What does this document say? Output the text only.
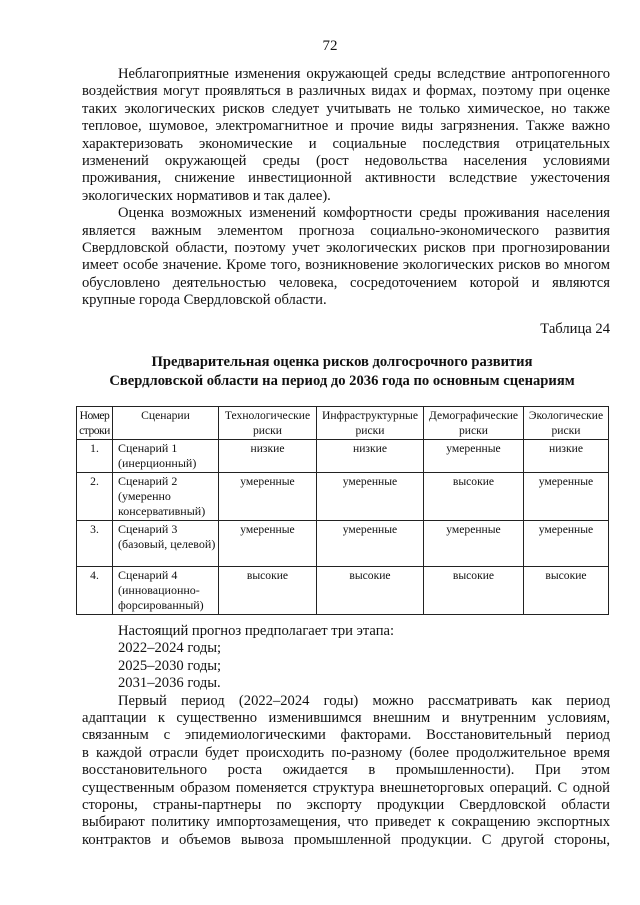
72
Неблагоприятные изменения окружающей среды вследствие антропогенного
воздействия могут проявляться в различных видах и формах, поэтому при оценке
таких экологических рисков следует учитывать не только химическое, но также
тепловое, шумовое, электромагнитное и прочие виды загрязнения. Также важно
характеризовать экономические и социальные последствия отрицательных
изменений окружающей среды (рост недовольства населения условиями
проживания, снижение инвестиционной активности вследствие ужесточения
экологических нормативов и так далее).
Оценка возможных изменений комфортности среды проживания населения
является важным элементом прогноза социально-экономического развития
Свердловской области, поэтому учет экологических рисков при прогнозировании
имеет особе значение. Кроме того, возникновение экологических рисков во многом
обусловлено деятельностью человека, сосредоточением которой и являются
крупные города Свердловской области.
Таблица 24
Предварительная оценка рисков долгосрочного развития
Свердловской области на период до 2036 года по основным сценариям
Номер строки	Сценарии	Технологические риски	Инфраструктурные риски	Демографические риски	Экологические риски
1.	Сценарий 1 (инерционный)	низкие	низкие	умеренные	низкие
2.	Сценарий 2 (умеренно консервативный)	умеренные	умеренные	высокие	умеренные
3.	Сценарий 3 (базовый, целевой)	умеренные	умеренные	умеренные	умеренные
4.	Сценарий 4 (инновационно-форсированный)	высокие	высокие	высокие	высокие
Настоящий прогноз предполагает три этапа:
2022–2024 годы;
2025–2030 годы;
2031–2036 годы.
Первый период (2022–2024 годы) можно рассматривать как период
адаптации к существенно изменившимся внешним и внутренним условиям,
связанным с эпидемиологическими факторами. Восстановительный период
в каждой отрасли будет происходить по-разному (более продолжительное время
восстановительного роста ожидается в промышленности). При этом
существенным образом поменяется структура внешнеторговых операций. С одной
стороны, страны-партнеры по экспорту продукции Свердловской области
выбирают политику импортозамещения, что приведет к сокращению экспортных
контрактов и объемов вывоза промышленной продукции. С другой стороны,
